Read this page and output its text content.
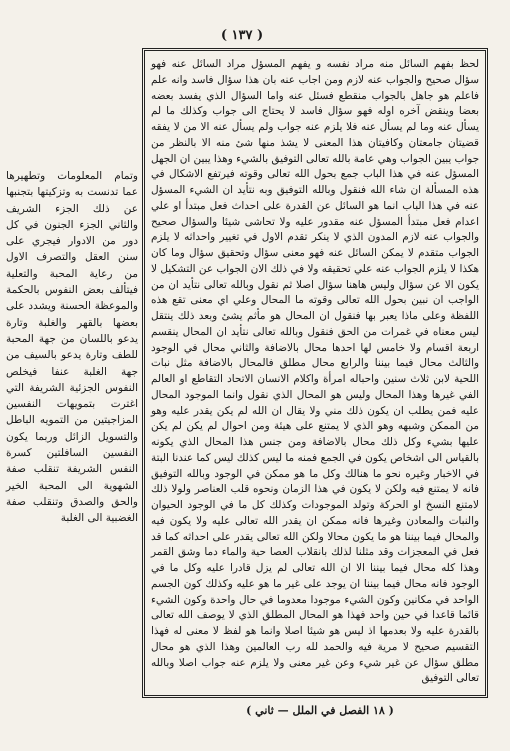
( ١٣٧ )

لحظ بفهم السائل منه مراد نفسه و يفهم المسؤل مراد السائل عنه فهو سؤال صحيح والجواب عنه لازم ومن اجاب عنه بان هذا سؤال فاسد وانه علم فاعلم هو جاهل بالجواب منقطع فسئل عنه واما السؤال الذي يفسد بعضه بعضا وينقض آخره اوله فهو سؤال فاسد لا يحتاج الى جواب وكذلك ما لم يسأل عنه وما لم يسأل عنه فلا يلزم عنه جواب ولم يسأل عنه الا من لا يفقه قضيتان جامعتان وكافيتان هذا المعنى لا يشذ منها شئ منه الا بالنظر من جواب يبين الجواب وهي عامة بالله تعالى التوفيق بالشيء وهذا يبين ان الجهل المسؤل عنه في هذا الباب جمع بحول الله تعالى وقوته فيرتفع الاشكال في هذه المسألة ان شاء الله فنقول وبالله التوفيق وبه نتأيد ان الشيء المسؤل عنه في هذا الباب انما هو السائل عن القدرة على احداث فعل مبتدأ او علي اعدام فعل مبتدأ المسؤل عنه مقدور عليه ولا تحاشى شيئا والسؤال صحيح والجواب عنه لازم المدون الذي لا ينكر تقدم الاول في تغيير واحداثه لا يلزم الجواب متقدم لا يمكن السائل عنه فهو معنى سؤال وتحقيق سؤال وما كان هكذا لا يلزم الجواب عنه علي تحقيقه ولا في ذلك الان الجواب عن التشكيل لا يكون الا عن سؤال وليس هاهنا سؤال اصلا ثم نقول وبالله تعالى نتأيد ان من الواجب ان نبين بحول الله تعالى وقوته ما المحال وعلي اي معنى تقع هذه اللفظة وعلى ماذا يعبر بها فنقول ان المحال هو مأثم يشئ وبعد ذلك ينتقل ليس معناه في غمرات من الحق فنقول وبالله تعالى نتأيد ان المحال ينقسم اربعة اقسام ولا خامس لها احدها محال بالاضافة والثاني محال في الوجود والثالث محال فيما بيننا والرابع محال مطلق فالمحال بالاضافة مثل نبات اللحية لابن ثلاث سنين واحباله امرأة واكلام الانسان الاتحاد التقاطع او العالم الفي غيرها وهذا المحال وليس هو المحال الذي نقول وانما الموجود المحال عليه فمن يطلب ان يكون ذلك مني ولا يقال ان الله لم يكن يقدر عليه وهو من الممكن وشبهه وهو الذي لا يمتنع على هيئة ومن احوال لم يكن لم يكن عليها بشيء وكل ذلك محال بالاضافة ومن جنس هذا المحال الذي يكونه بالقياس الى اشخاص يكون في الجمع فمنه ما ليس كذلك ليس كما عندنا البتة في الاخبار وغيره نحو ما هنالك وكل ما هو ممكن في الوجود وبالله التوفيق فانه لا يمتنع فيه ولكن لا يكون في هذا الزمان ونحوه قلب العناصر ولولا ذلك لامتنع النسخ او الحركة وتولد الموجودات وكذلك كل ما في الوجود الحيوان والنبات والمعادن وغيرها فانه ممكن ان يقدر الله تعالى عليه ولا يكون فيه والمحال فيما بيننا هو ما يكون محالا ولكن الله تعالى يقدر على احداثه كما قد فعل في المعجزات وقد مثلنا لذلك بانقلاب العصا حية والماء دما وشق القمر وهذا كله محال فيما بيننا الا ان الله تعالى لم يزل قادرا عليه وكل ما في الوجود فانه محال فيما بيننا ان يوجد على غير ما هو عليه وكذلك كون الجسم الواحد في مكانين وكون الشيء موجودا معدوما في حال واحدة وكون الشيء قائما قاعدا في حين واحد فهذا هو المحال المطلق الذي لا يوصف الله تعالى بالقدرة عليه ولا بعدمها اذ ليس هو شيئا اصلا وانما هو لفظ لا معنى له فهذا التقسيم صحيح لا مرية فيه والحمد لله رب العالمين وهذا الذي هو محال مطلق سؤال عن غير شيء وعن غير معنى ولا يلزم عنه جواب اصلا وبالله تعالى التوفيق

وتمام المعلومات وتطهيرها عما تدنست به وتزكيتها بتجنبها عن ذلك الجزء الشريف والثاني الجزء الجنون في كل دور من الادوار فيجري على سنن العقل والتصرف الاول من رعاية المحبة والتعلية فيتألف بعض النفوس بالحكمة والموعظة الحسنة ويشدد على بعضها بالقهر والغلبة وتارة يدعو باللسان من جهة المحبة للطف وتارة يدعو بالسيف من جهة الغلبة عنفا فيخلص النفوس الجزئية الشريفة التي اغترت بتمويهات النفسين المزاجيتين من التمويه الباطل والتسويل الزائل وربما يكون النفسين السافلتين كسرة النفس الشريفة تنقلب صفة الشهوية الى المحبة الخير والحق والصدق وتنقلب صفة الغضبية الى الغلبة

( ١٨ الفصل في الملل — ثاني )
